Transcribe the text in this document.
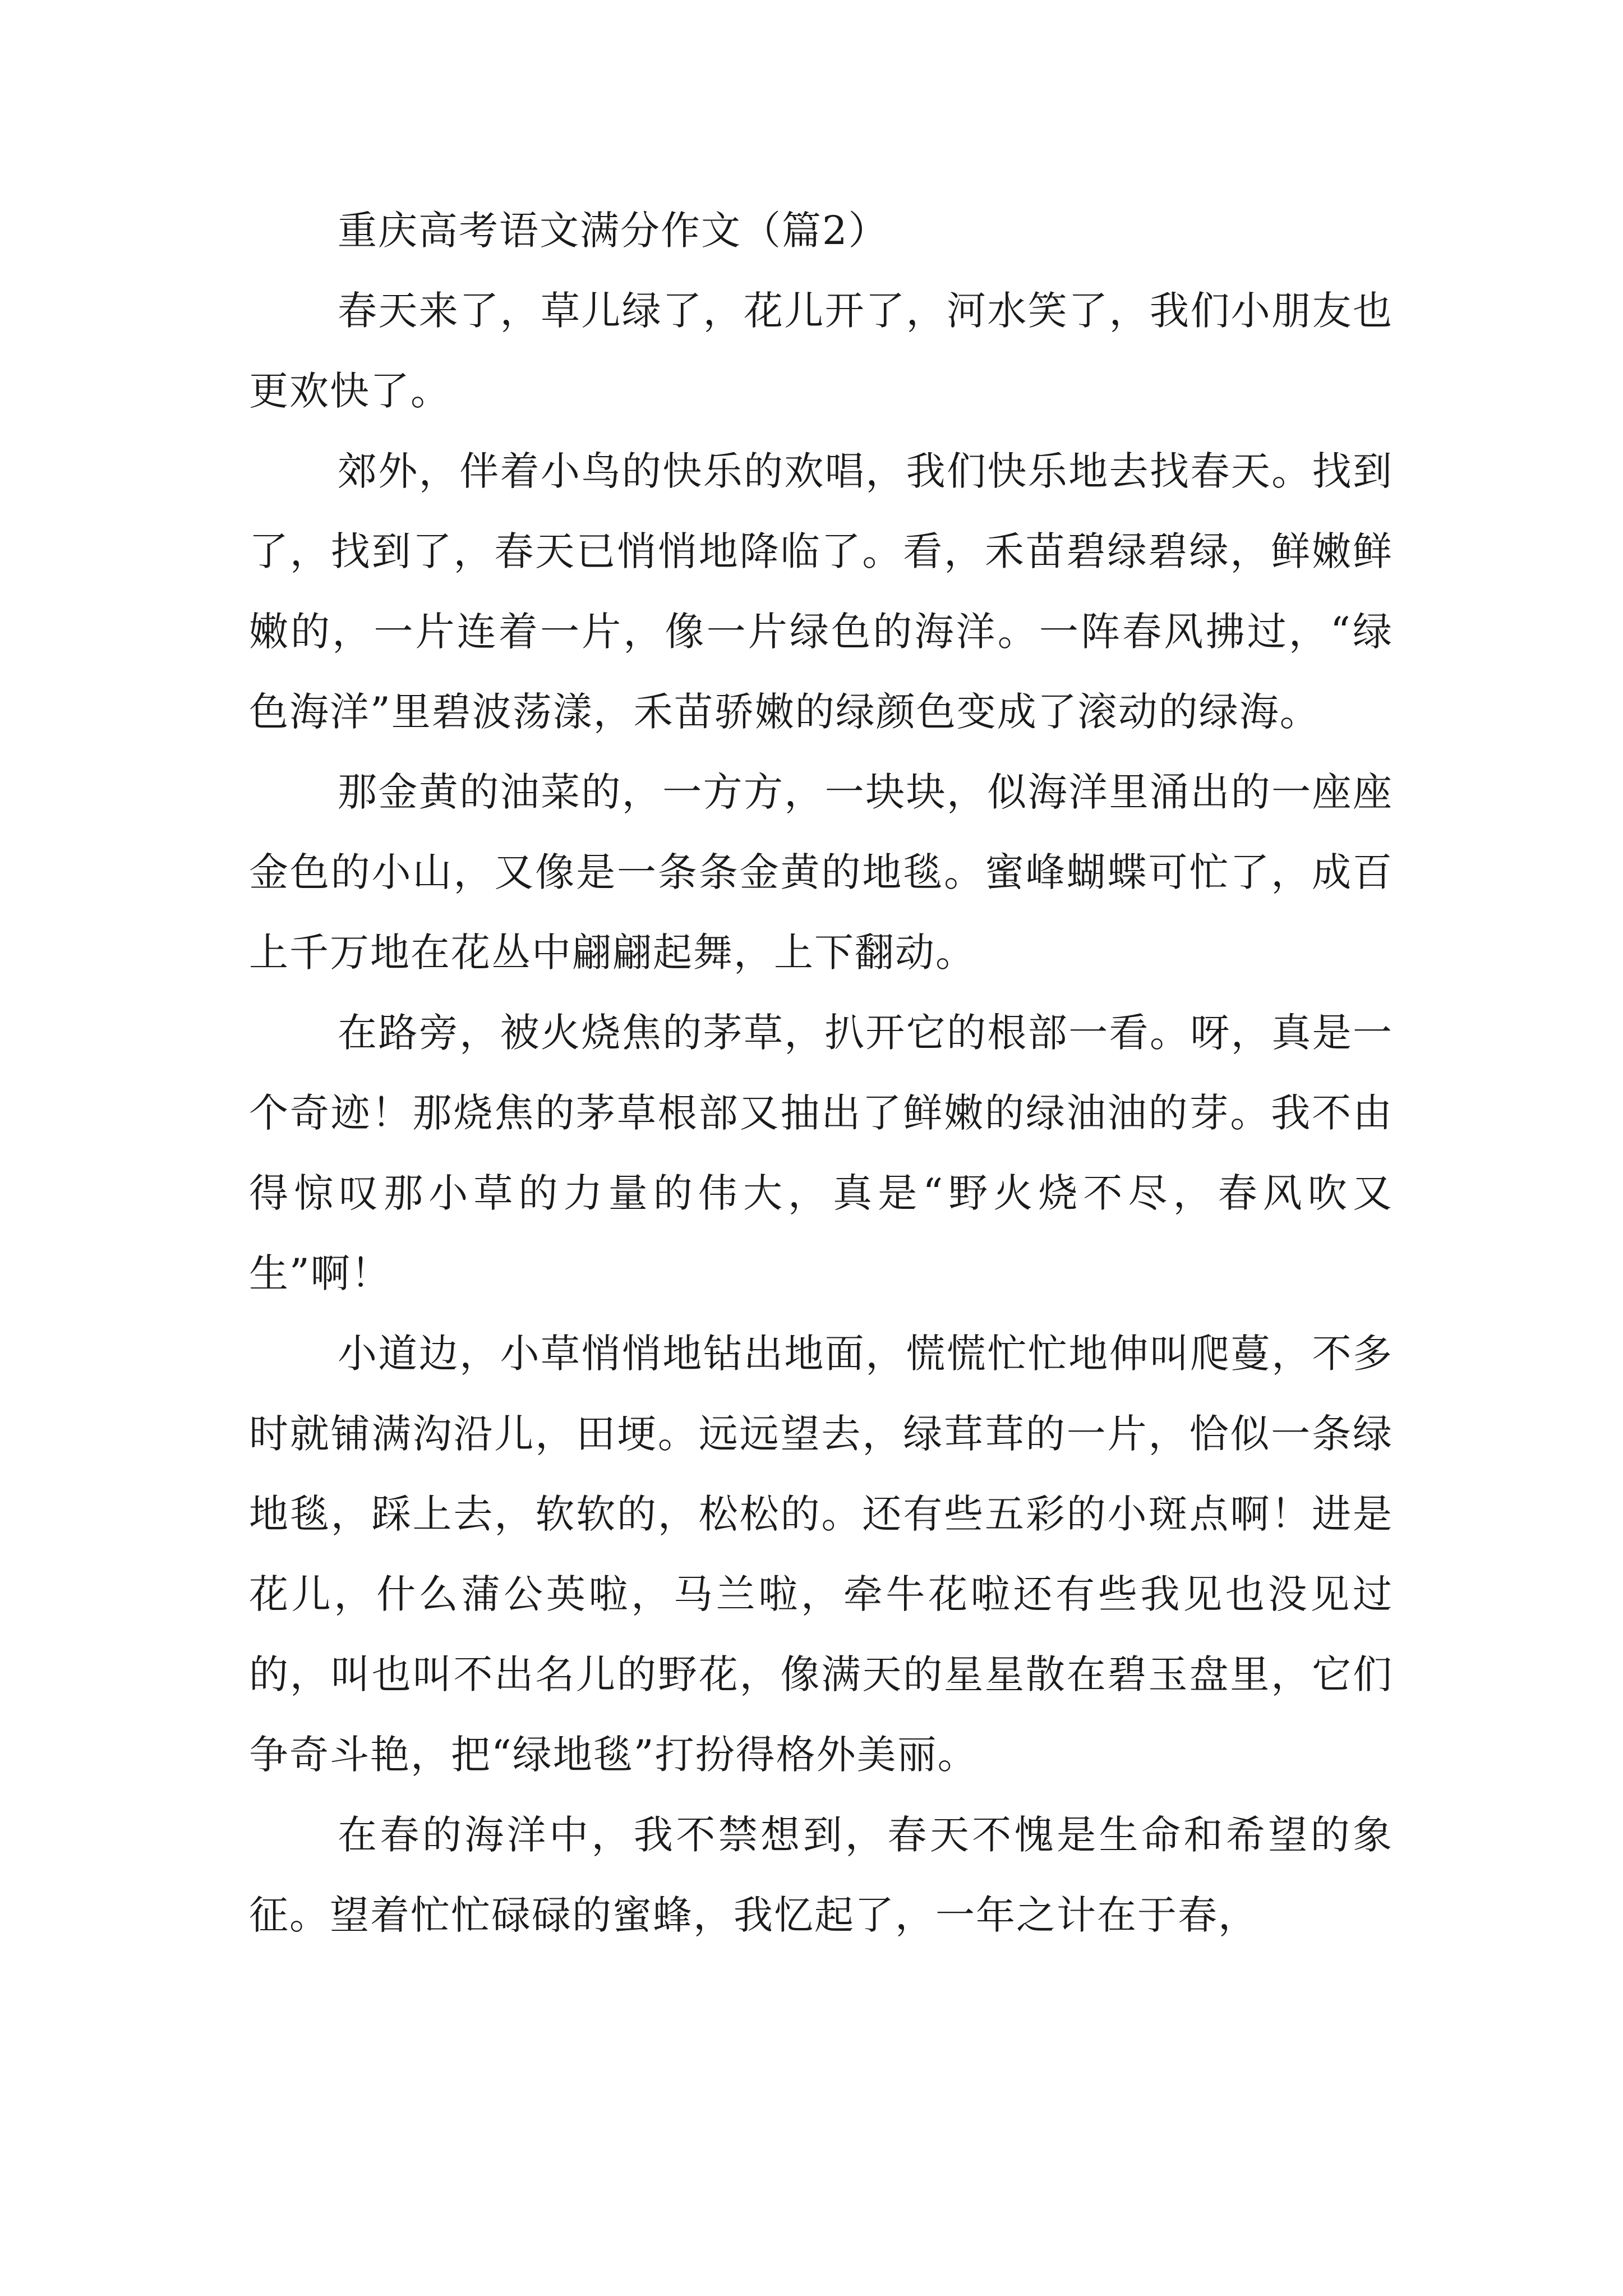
重庆高考语文满分作文（篇2）

春天来了，草儿绿了，花儿开了，河水笑了，我们小朋友也更欢快了。

郊外，伴着小鸟的快乐的欢唱，我们快乐地去找春天。找到了，找到了，春天已悄悄地降临了。看，禾苗碧绿碧绿，鲜嫩鲜嫩的，一片连着一片，像一片绿色的海洋。一阵春风拂过，“绿色海洋”里碧波荡漾，禾苗骄嫩的绿颜色变成了滚动的绿海。

那金黄的油菜的，一方方，一块块，似海洋里涌出的一座座金色的小山，又像是一条条金黄的地毯。蜜峰蝴蝶可忙了，成百上千万地在花丛中翩翩起舞，上下翻动。

在路旁，被火烧焦的茅草，扒开它的根部一看。呀，真是一个奇迹！那烧焦的茅草根部又抽出了鲜嫩的绿油油的芽。我不由得惊叹那小草的力量的伟大，真是“野火烧不尽，春风吹又生”啊！

小道边，小草悄悄地钻出地面，慌慌忙忙地伸叫爬蔓，不多时就铺满沟沿儿，田埂。远远望去，绿茸茸的一片，恰似一条绿地毯，踩上去，软软的，松松的。还有些五彩的小斑点啊！进是花儿，什么蒲公英啦，马兰啦，牵牛花啦还有些我见也没见过的，叫也叫不出名儿的野花，像满天的星星散在碧玉盘里，它们争奇斗艳，把“绿地毯”打扮得格外美丽。

在春的海洋中，我不禁想到，春天不愧是生命和希望的象征。望着忙忙碌碌的蜜蜂，我忆起了，一年之计在于春，
